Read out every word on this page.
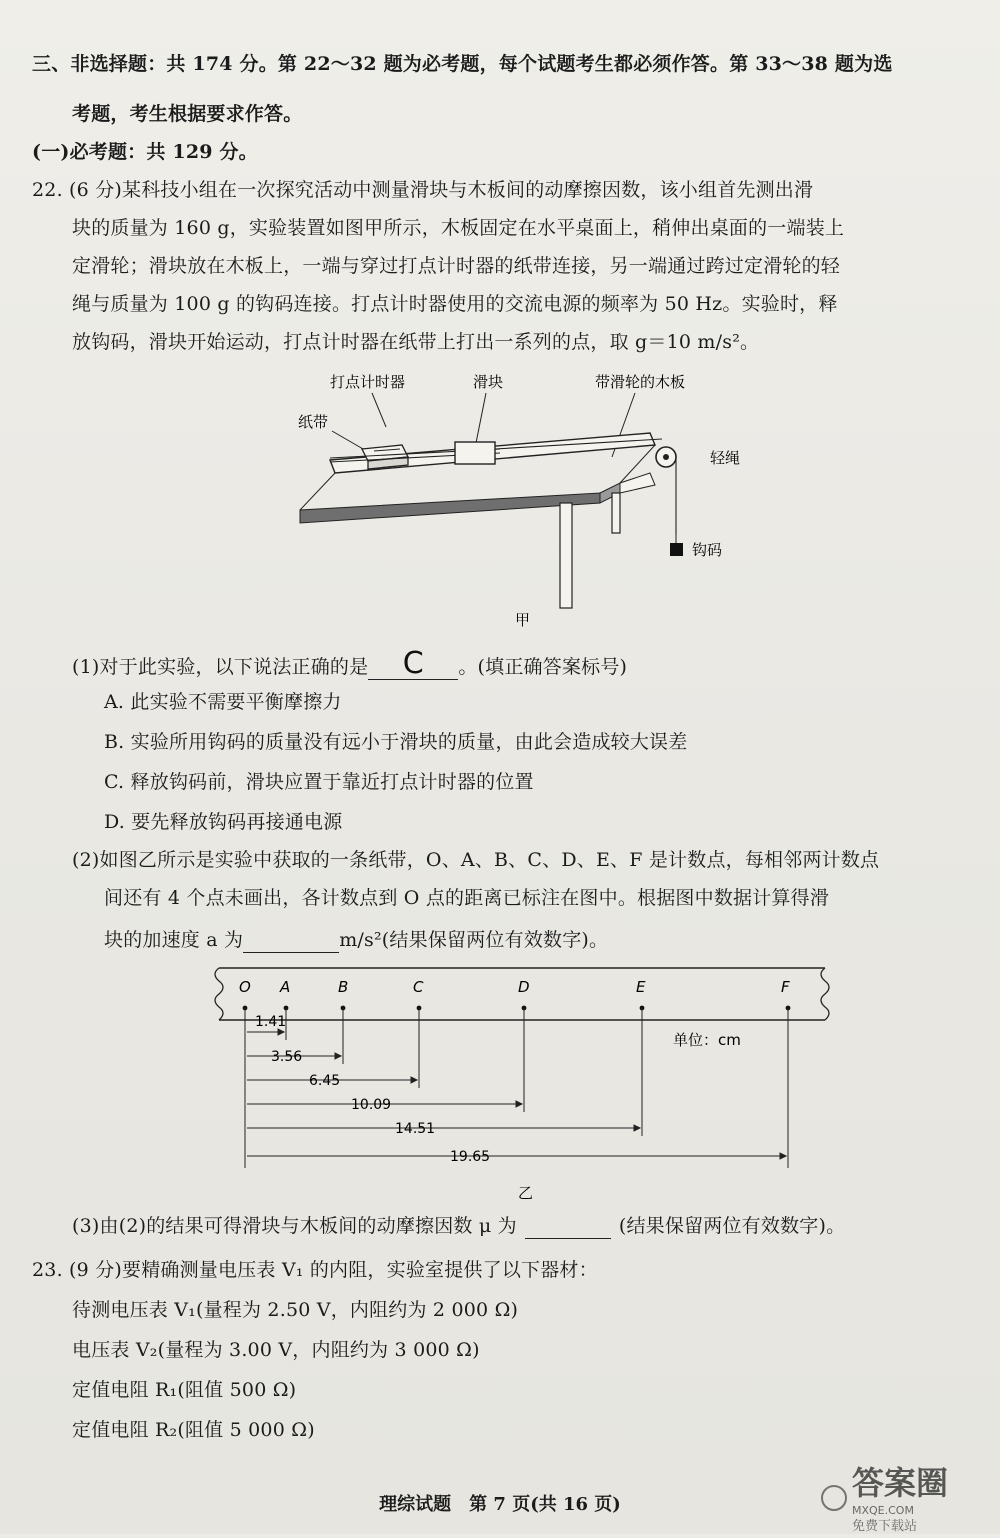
三、非选择题：共 174 分。第 22～32 题为必考题，每个试题考生都必须作答。第 33～38 题为选
考题，考生根据要求作答。
(一)必考题：共 129 分。
22. (6 分)某科技小组在一次探究活动中测量滑块与木板间的动摩擦因数，该小组首先测出滑
块的质量为 160 g，实验装置如图甲所示，木板固定在水平桌面上，稍伸出桌面的一端装上
定滑轮；滑块放在木板上，一端与穿过打点计时器的纸带连接，另一端通过跨过定滑轮的轻
绳与质量为 100 g 的钩码连接。打点计时器使用的交流电源的频率为 50 Hz。实验时，释
放钩码，滑块开始运动，打点计时器在纸带上打出一系列的点，取 g＝10 m/s²。
打点计时器	滑块	带滑轮的木板
纸带
轻绳
钩码
甲
(1)对于此实验，以下说法正确的是 C 。(填正确答案标号)
A. 此实验不需要平衡摩擦力
B. 实验所用钩码的质量没有远小于滑块的质量，由此会造成较大误差
C. 释放钩码前，滑块应置于靠近打点计时器的位置
D. 要先释放钩码再接通电源
(2)如图乙所示是实验中获取的一条纸带，O、A、B、C、D、E、F 是计数点，每相邻两计数点
间还有 4 个点未画出，各计数点到 O 点的距离已标注在图中。根据图中数据计算得滑
块的加速度 a 为	m/s²(结果保留两位有效数字)。
O A	B	C	D	E	F
1.41
3.56
6.45
10.09
14.51
19.65
单位：cm
乙
(3)由(2)的结果可得滑块与木板间的动摩擦因数 μ 为	(结果保留两位有效数字)。
23. (9 分)要精确测量电压表 V₁ 的内阻，实验室提供了以下器材：
待测电压表 V₁(量程为 2.50 V，内阻约为 2 000 Ω)
电压表 V₂(量程为 3.00 V，内阻约为 3 000 Ω)
定值电阻 R₁(阻值 500 Ω)
定值电阻 R₂(阻值 5 000 Ω)
理综试题　第 7 页(共 16 页)
答案圈
MXQE.COM
免费下载站
